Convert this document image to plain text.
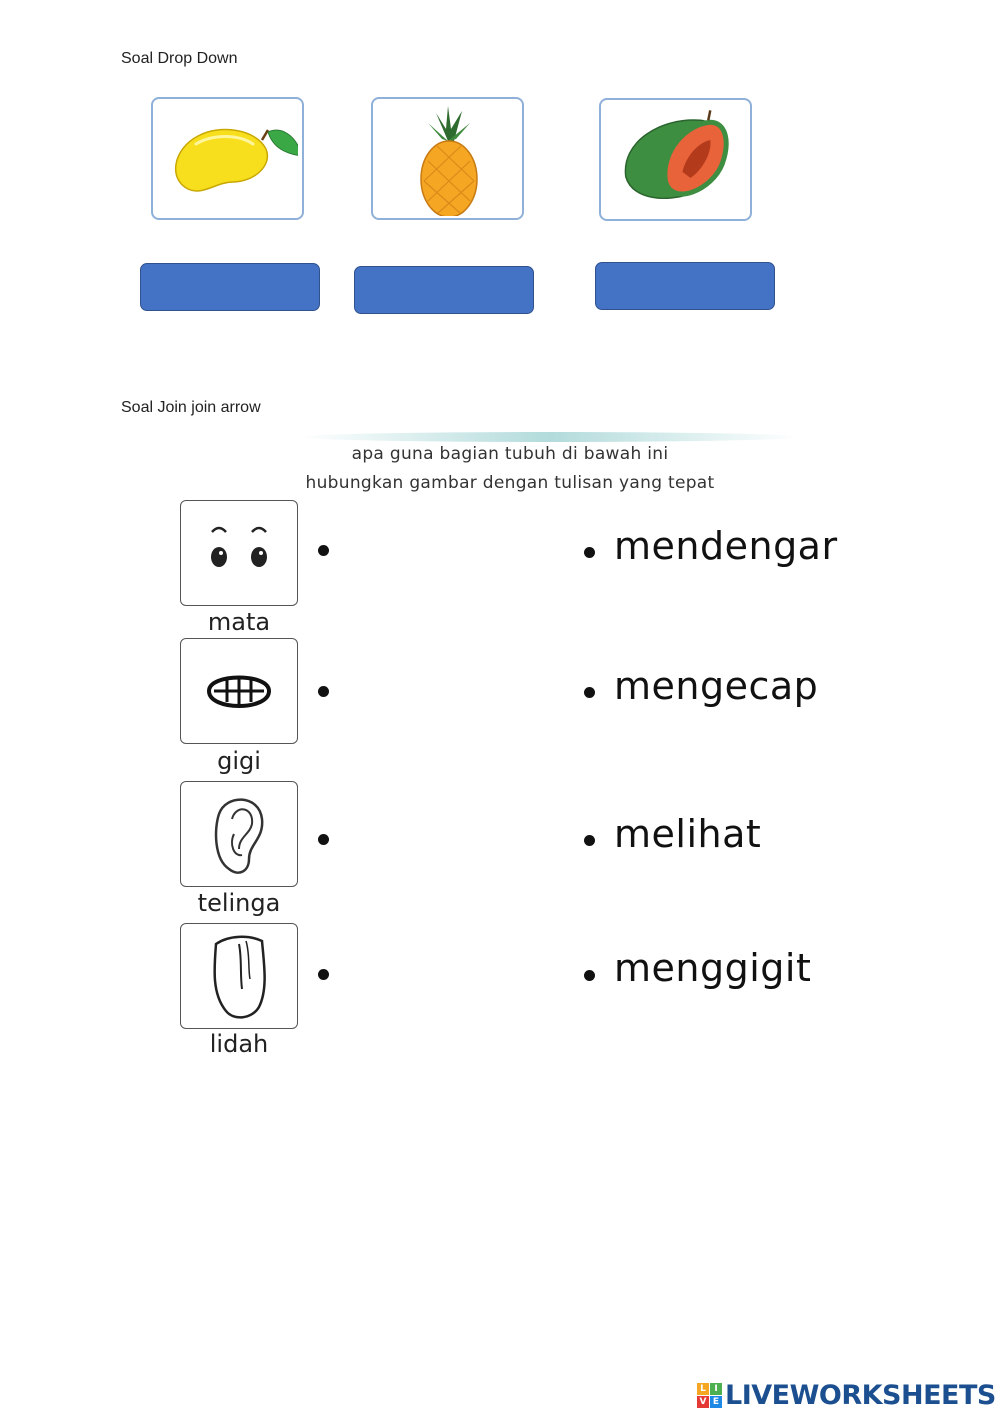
Soal Drop Down
Soal Join join arrow
apa guna bagian tubuh di bawah ini
hubungkan gambar dengan tulisan yang tepat
mata
mendengar
gigi
mengecap
telinga
melihat
lidah
menggigit
L I
V E LIVEWORKSHEETS
